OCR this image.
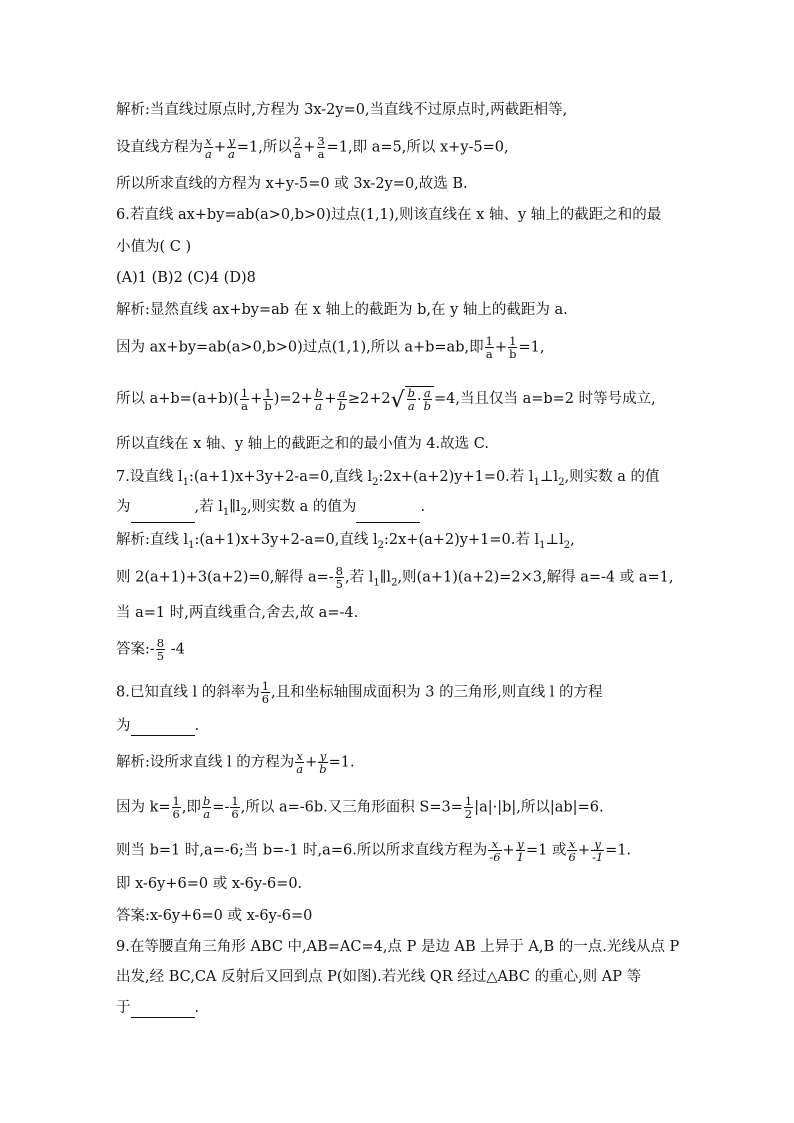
解析:当直线过原点时,方程为 3x-2y=0,当直线不过原点时,两截距相等,
设直线方程为 $\frac{x}{a} + \frac{y}{a} =1$,所以 $\frac{2}{a} + \frac{3}{a} =1$,即 a=5,所以 x+y-5=0,
所以所求直线的方程为 x+y-5=0 或 3x-2y=0,故选 B.
6.若直线 ax+by=ab(a>0,b>0)过点(1,1),则该直线在 x 轴、y 轴上的截距之和的最
小值为( C )
(A)1 (B)2 (C)4 (D)8
解析:显然直线 ax+by=ab 在 x 轴上的截距为 b,在 y 轴上的截距为 a.
因为 ax+by=ab(a>0,b>0)过点(1,1),所以 a+b=ab,即 $\frac{1}{a} + \frac{1}{b} =1$,
所以 $a+b=(a+b)( \frac{1}{a} + \frac{1}{b} )=2+ \frac{b}{a} + \frac{a}{b} \ge 2+2$ √ $\frac{b}{a} \cdot \frac{a}{b} =4$,当且仅当 a=b=2 时等号成立,
所以直线在 x 轴、y 轴上的截距之和的最小值为 4.故选 C.
7.设直线 $l_1:(a+1)x+3y+2-a=0$,直线 $l_2:2x+(a+2)y+1=0$.若 $l_1\perp l_2$,则实数 a 的值
为	,若 $l_1\parallel l_2$,则实数 a 的值为	.
解析:直线 $l_1:(a+1)x+3y+2-a=0$,直线 $l_2:2x+(a+2)y+1=0$.若 $l_1\perp l_2$,
则 2(a+1)+3(a+2)=0,解得 $a=- \frac{8}{5}$ ,若 $l_1\parallel l_2$,则(a+1)(a+2)=2×3,解得 a=-4 或 a=1,
当 a=1 时,两直线重合,舍去,故 a=-4.
答案:- $\frac{8}{5} -4$
8.已知直线 l 的斜率为 $\frac{1}{6}$ ,且和坐标轴围成面积为 3 的三角形,则直线 l 的方程
为	.
解析:设所求直线 l 的方程为 $\frac{x}{a} + \frac{y}{b} =1$.
因为 $k= \frac{1}{6}$ ,即 $\frac{b}{a} =- \frac{1}{6}$ ,所以 a=-6b.又三角形面积 $S=3= \frac{1}{2} |a|\cdot|b|$,所以|ab|=6.
则当 b=1 时,a=-6;当 b=-1 时,a=6.所以所求直线方程为 $\frac{x}{-6} + \frac{y}{1} =1$ 或 $\frac{x}{6} + \frac{y}{-1} =1$.
即 x-6y+6=0 或 x-6y-6=0.
答案:x-6y+6=0 或 x-6y-6=0
9.在等腰直角三角形 ABC 中,AB=AC=4,点 P 是边 AB 上异于 A,B 的一点.光线从点 P
出发,经 BC,CA 反射后又回到点 P(如图).若光线 QR 经过△ABC 的重心,则 AP 等
于	.
